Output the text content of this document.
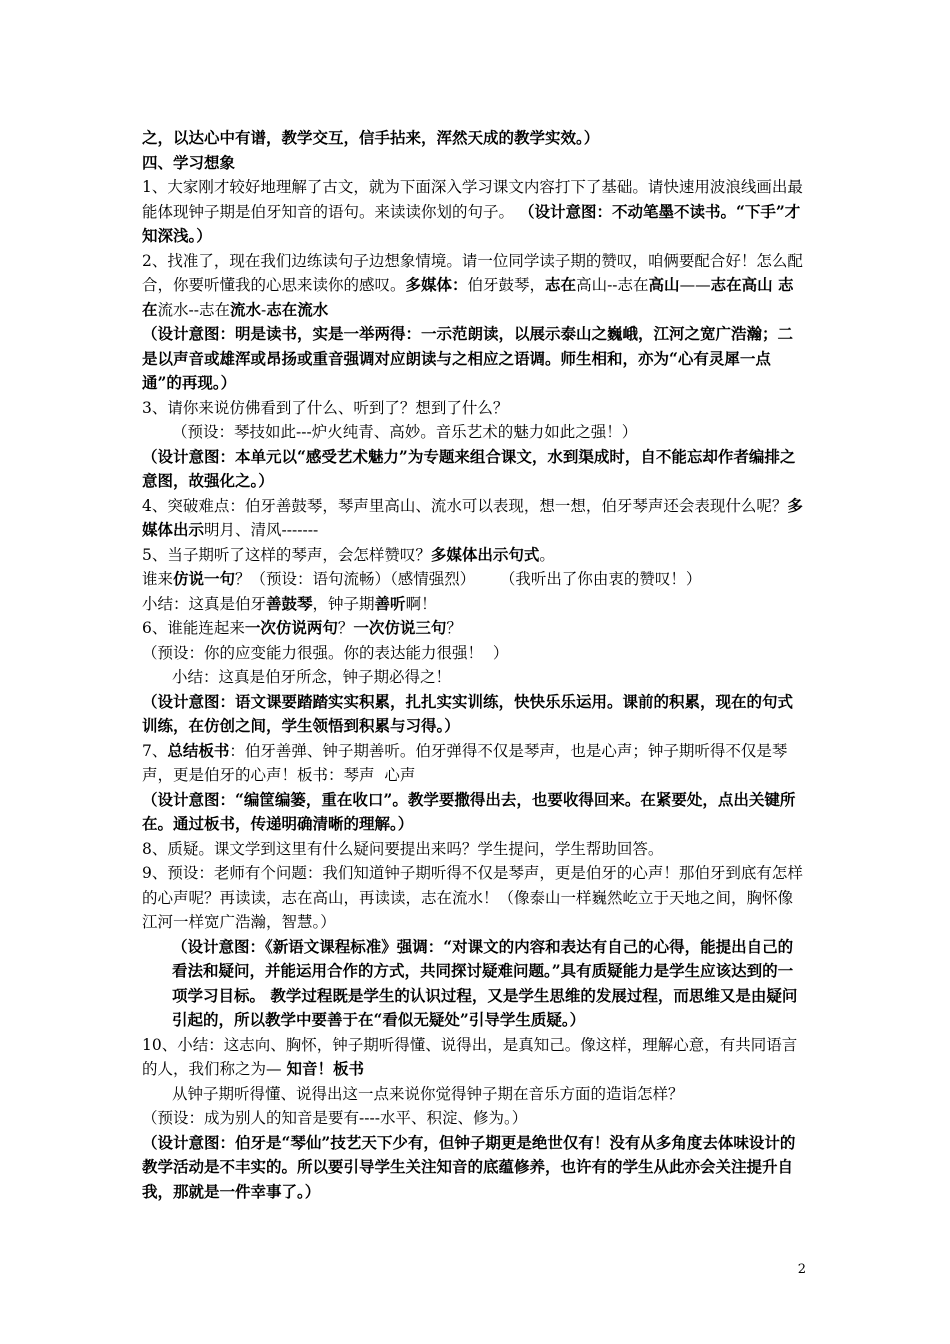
之，以达心中有谱，教学交互，信手拈来，浑然天成的教学实效。）

四、学习想象

1、大家刚才较好地理解了古文，就为下面深入学习课文内容打下了基础。请快速用波浪线画出最能体现钟子期是伯牙知音的语句。来读读你划的句子。 （设计意图：不动笔墨不读书。“下手”才知深浅。）

2、找准了，现在我们边练读句子边想象情境。请一位同学读子期的赞叹，咱俩要配合好！怎么配合，你要听懂我的心思来读你的感叹。多媒体：伯牙鼓琴，志在高山--志在高山——志在高山 志在流水--志在流水-志在流水

（设计意图：明是读书，实是一举两得：一示范朗读，以展示泰山之巍峨，江河之宽广浩瀚；二是以声音或雄浑或昂扬或重音强调对应朗读与之相应之语调。师生相和，亦为“心有灵犀一点通”的再现。）

3、请你来说仿佛看到了什么、听到了？想到了什么？

（预设：琴技如此---炉火纯青、高妙。音乐艺术的魅力如此之强！）

（设计意图：本单元以“感受艺术魅力”为专题来组合课文，水到渠成时，自不能忘却作者编排之意图，故强化之。）

4、突破难点：伯牙善鼓琴，琴声里高山、流水可以表现，想一想，伯牙琴声还会表现什么呢？多媒体出示明月、清风-------

5、当子期听了这样的琴声，会怎样赞叹？多媒体出示句式。

谁来仿说一句？（预设：语句流畅）（感情强烈）     （我听出了你由衷的赞叹！）

小结：这真是伯牙善鼓琴，钟子期善听啊！

6、谁能连起来一次仿说两句？一次仿说三句？

（预设：你的应变能力很强。你的表达能力很强！  ）

小结：这真是伯牙所念，钟子期必得之！

（设计意图：语文课要踏踏实实积累，扎扎实实训练，快快乐乐运用。课前的积累，现在的句式训练，在仿创之间，学生领悟到积累与习得。）

7、总结板书：伯牙善弹、钟子期善听。伯牙弹得不仅是琴声，也是心声；钟子期听得不仅是琴声，更是伯牙的心声！板书：琴声  心声

（设计意图：“编筐编篓，重在收口”。教学要撒得出去，也要收得回来。在紧要处，点出关键所在。通过板书，传递明确清晰的理解。）

8、质疑。课文学到这里有什么疑问要提出来吗？学生提问，学生帮助回答。

9、预设：老师有个问题：我们知道钟子期听得不仅是琴声，更是伯牙的心声！那伯牙到底有怎样的心声呢？再读读，志在高山，再读读，志在流水！（像泰山一样巍然屹立于天地之间，胸怀像江河一样宽广浩瀚，智慧。）

（设计意图：《新语文课程标准》强调：“对课文的内容和表达有自己的心得，能提出自己的看法和疑问，并能运用合作的方式，共同探讨疑难问题。”具有质疑能力是学生应该达到的一项学习目标。 教学过程既是学生的认识过程，又是学生思维的发展过程，而思维又是由疑问引起的，所以教学中要善于在“看似无疑处”引导学生质疑。）

10、小结：这志向、胸怀，钟子期听得懂、说得出，是真知己。像这样，理解心意，有共同语言的人，我们称之为— 知音！板书

从钟子期听得懂、说得出这一点来说你觉得钟子期在音乐方面的造诣怎样？

（预设：成为别人的知音是要有----水平、积淀、修为。）

（设计意图：伯牙是“琴仙”技艺天下少有，但钟子期更是绝世仅有！没有从多角度去体味设计的教学活动是不丰实的。所以要引导学生关注知音的底蕴修养，也许有的学生从此亦会关注提升自我，那就是一件幸事了。）

2
